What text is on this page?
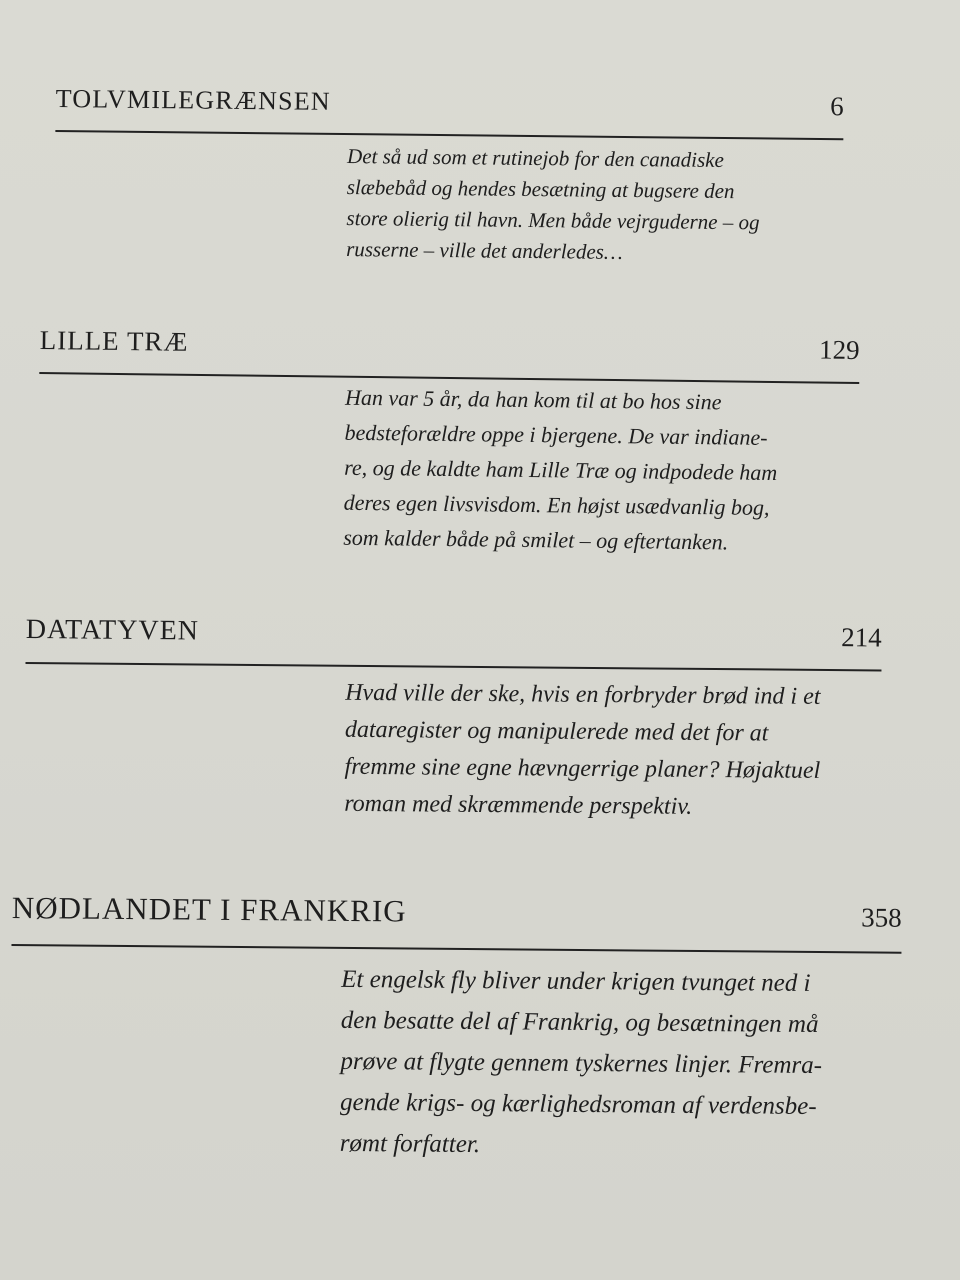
TOLVMILEGRÆNSEN	6
Det så ud som et rutinejob for den canadiske
slæbebåd og hendes besætning at bugsere den
store olierig til havn. Men både vejrguderne – og
russerne – ville det anderledes…
LILLE TRÆ	129
Han var 5 år, da han kom til at bo hos sine
bedsteforældre oppe i bjergene. De var indiane-
re, og de kaldte ham Lille Træ og indpodede ham
deres egen livsvisdom. En højst usædvanlig bog,
som kalder både på smilet – og eftertanken.
DATATYVEN	214
Hvad ville der ske, hvis en forbryder brød ind i et
dataregister og manipulerede med det for at
fremme sine egne hævngerrige planer? Højaktuel
roman med skræmmende perspektiv.
NØDLANDET I FRANKRIG	358
Et engelsk fly bliver under krigen tvunget ned i
den besatte del af Frankrig, og besætningen må
prøve at flygte gennem tyskernes linjer. Fremra-
gende krigs- og kærlighedsroman af verdensbe-
rømt forfatter.
